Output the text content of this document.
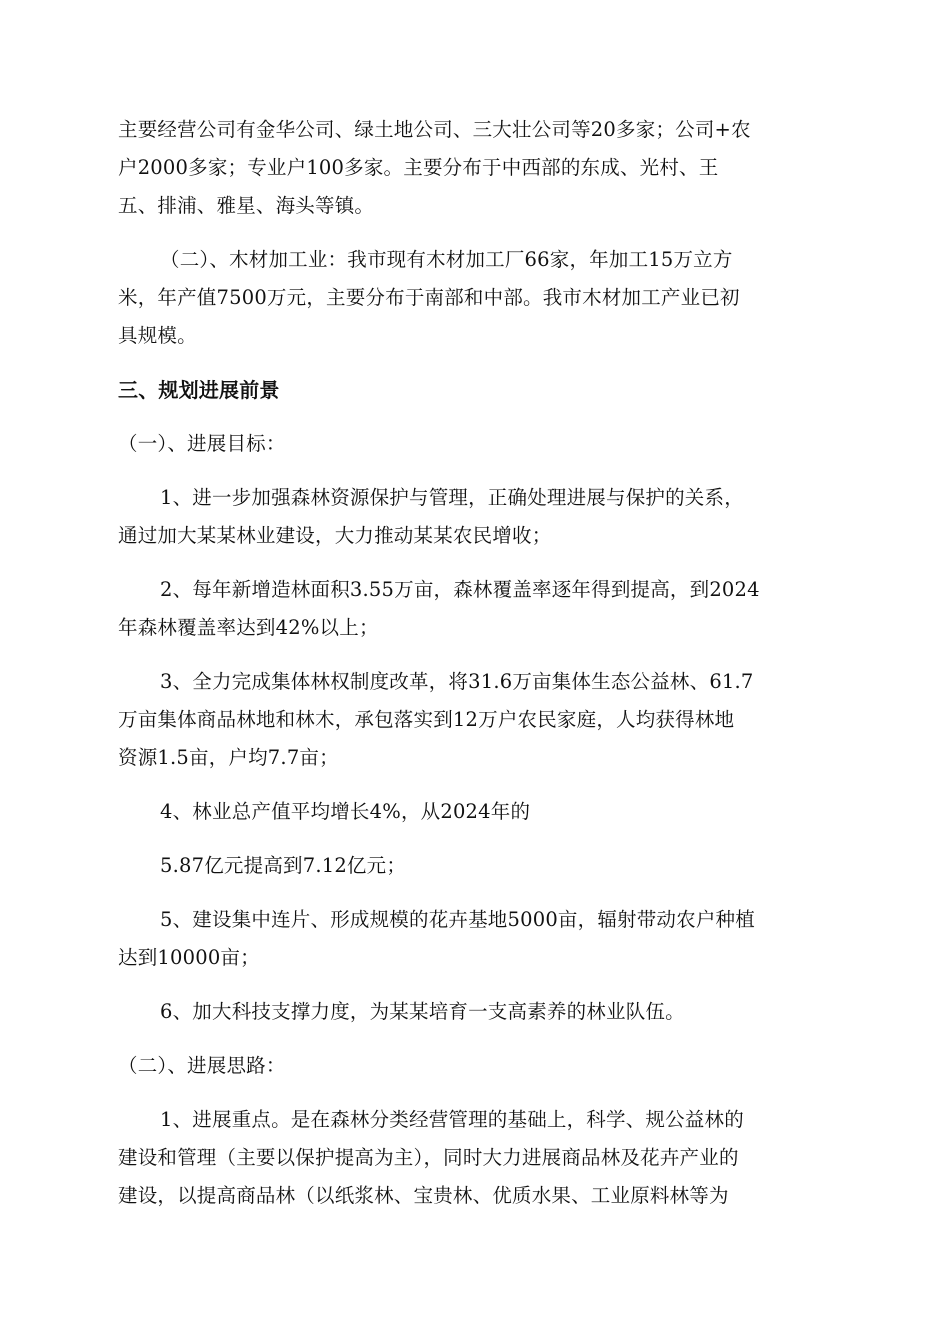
主要经营公司有金华公司、绿土地公司、三大壮公司等20多家；公司+农
户2000多家；专业户100多家。主要分布于中西部的东成、光村、王
五、排浦、雅星、海头等镇。
（二）、木材加工业：我市现有木材加工厂66家，年加工15万立方
米，年产值7500万元，主要分布于南部和中部。我市木材加工产业已初
具规模。
三、规划进展前景
（一）、进展目标：
1、进一步加强森林资源保护与管理，正确处理进展与保护的关系，
通过加大某某林业建设，大力推动某某农民增收；
2、每年新增造林面积3.55万亩，森林覆盖率逐年得到提高，到2024
年森林覆盖率达到42%以上；
3、全力完成集体林权制度改革，将31.6万亩集体生态公益林、61.7
万亩集体商品林地和林木，承包落实到12万户农民家庭，人均获得林地
资源1.5亩，户均7.7亩；
4、林业总产值平均增长4%，从2024年的
5.87亿元提高到7.12亿元；
5、建设集中连片、形成规模的花卉基地5000亩，辐射带动农户种植
达到10000亩；
6、加大科技支撑力度，为某某培育一支高素养的林业队伍。
（二）、进展思路：
1、进展重点。是在森林分类经营管理的基础上，科学、规公益林的
建设和管理（主要以保护提高为主），同时大力进展商品林及花卉产业的
建设，以提高商品林（以纸浆林、宝贵林、优质水果、工业原料林等为
